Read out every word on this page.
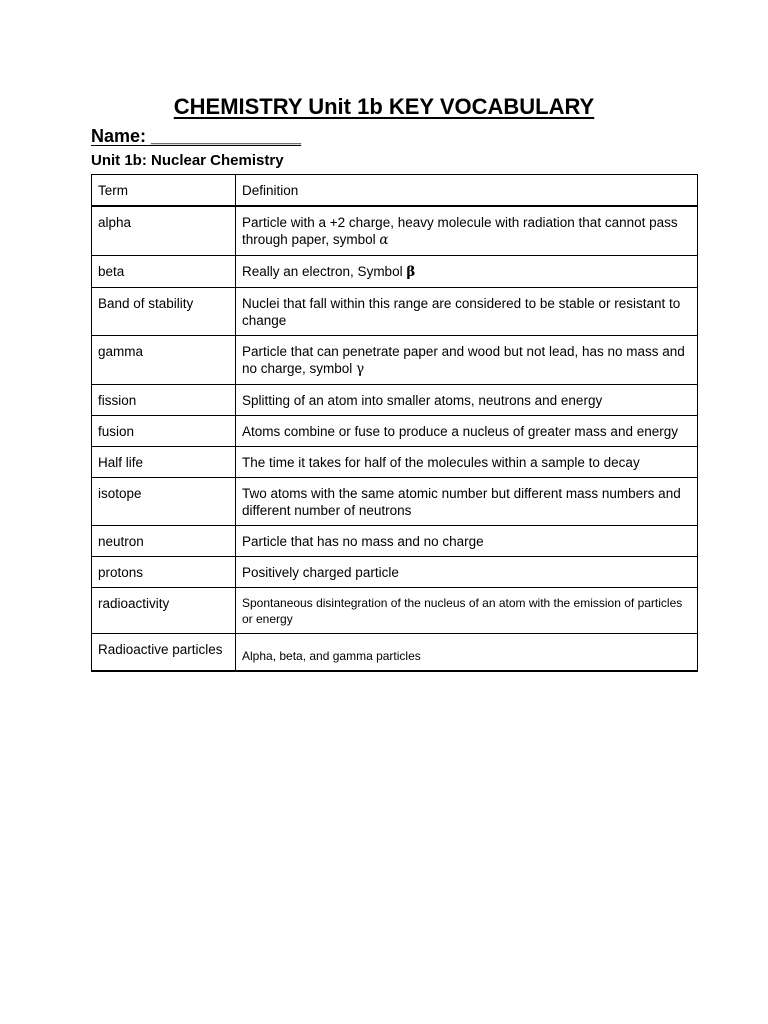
CHEMISTRY Unit 1b KEY VOCABULARY
Name: _______________
Unit 1b: Nuclear Chemistry
Term	Definition
alpha	Particle with a +2 charge, heavy molecule with radiation that cannot pass through paper, symbol α
beta	Really an electron, Symbol β
Band of stability	Nuclei that fall within this range are considered to be stable or resistant to change
gamma	Particle that can penetrate paper and wood but not lead, has no mass and no charge, symbol γ
fission	Splitting of an atom into smaller atoms, neutrons and energy
fusion	Atoms combine or fuse to produce a nucleus of greater mass and energy
Half life	The time it takes for half of the molecules within a sample to decay
isotope	Two atoms with the same atomic number but different mass numbers and different number of neutrons
neutron	Particle that has no mass and no charge
protons	Positively charged particle
radioactivity	Spontaneous disintegration of the nucleus of an atom with the emission of particles or energy
Radioactive particles	Alpha, beta, and gamma particles
